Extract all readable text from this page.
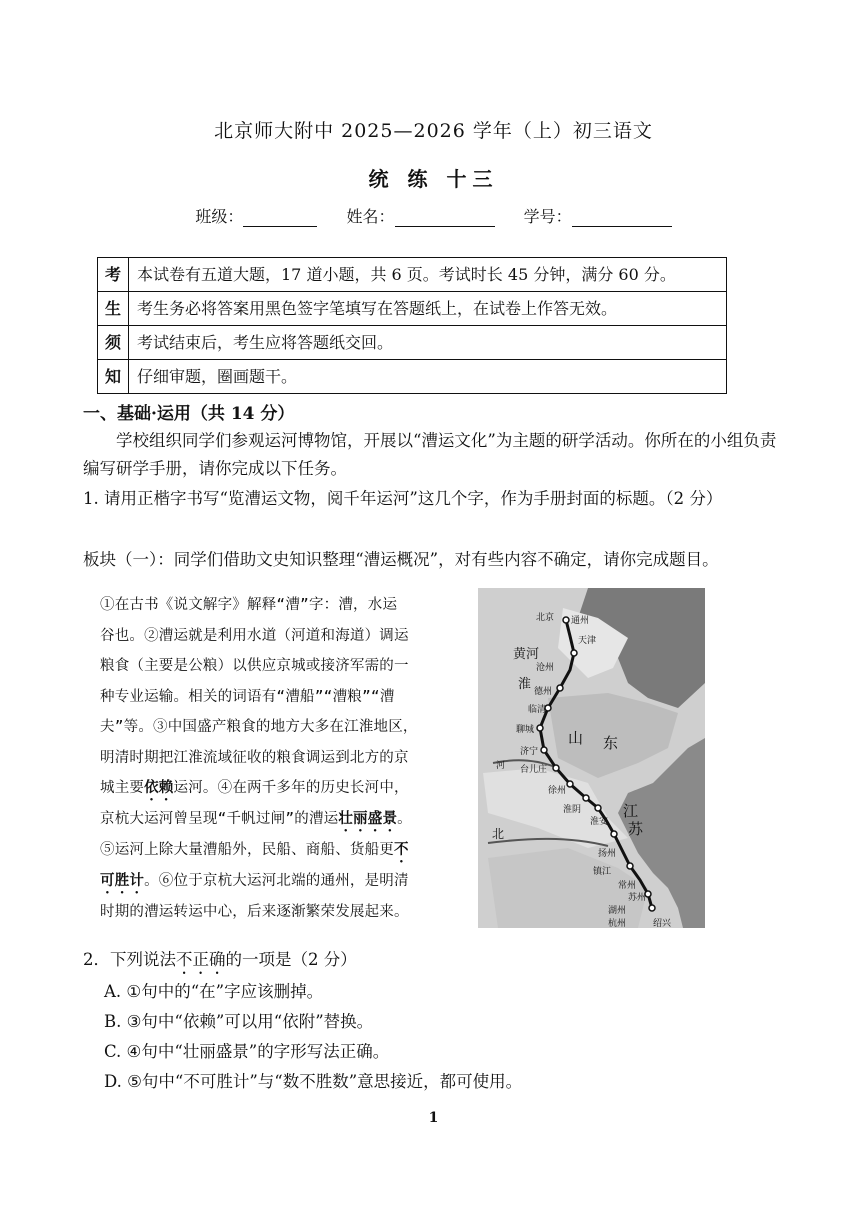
北京师大附中 2025—2026 学年（上）初三语文
统 练 十三
班级：	姓名：	学号：
考	本试卷有五道大题，17 道小题，共 6 页。考试时长 45 分钟，满分 60 分。
生	考生务必将答案用黑色签字笔填写在答题纸上，在试卷上作答无效。
须	考试结束后，考生应将答题纸交回。
知	仔细审题，圈画题干。
一、基础·运用（共 14 分）
学校组织同学们参观运河博物馆，开展以“漕运文化”为主题的研学活动。你所在的小组负责编写研学手册，请你完成以下任务。
1. 请用正楷字书写“览漕运文物，阅千年运河”这几个字，作为手册封面的标题。（2 分）
板块（一）：同学们借助文史知识整理“漕运概况”，对有些内容不确定，请你完成题目。
①在古书《说文解字》解释“漕”字：漕，水运
谷也。②漕运就是利用水道（河道和海道）调运
粮食（主要是公粮）以供应京城或接济军需的一
种专业运输。相关的词语有“漕船”“漕粮”“漕
夫”等。③中国盛产粮食的地方大多在江淮地区，
明清时期把江淮流域征收的粮食调运到北方的京
城主要依赖运河。④在两千多年的历史长河中，
京杭大运河曾呈现“千帆过闸”的漕运壮丽盛景。
⑤运河上除大量漕船外，民船、商船、货船更不
可胜计。⑥位于京杭大运河北端的通州，是明清
时期的漕运转运中心，后来逐渐繁荣发展起来。
北京 通州
天津
沧州
德州
临清
聊城
济宁
台儿庄
徐州
淮阴
淮安
扬州
镇江
常州
苏州
湖州
杭州	绍兴
黄河
淮
山 东
江
苏
河
北
2．下列说法不正确的一项是（2 分）
A. ①句中的“在”字应该删掉。
B. ③句中“依赖”可以用“依附”替换。
C. ④句中“壮丽盛景”的字形写法正确。
D. ⑤句中“不可胜计”与“数不胜数”意思接近，都可使用。
1
